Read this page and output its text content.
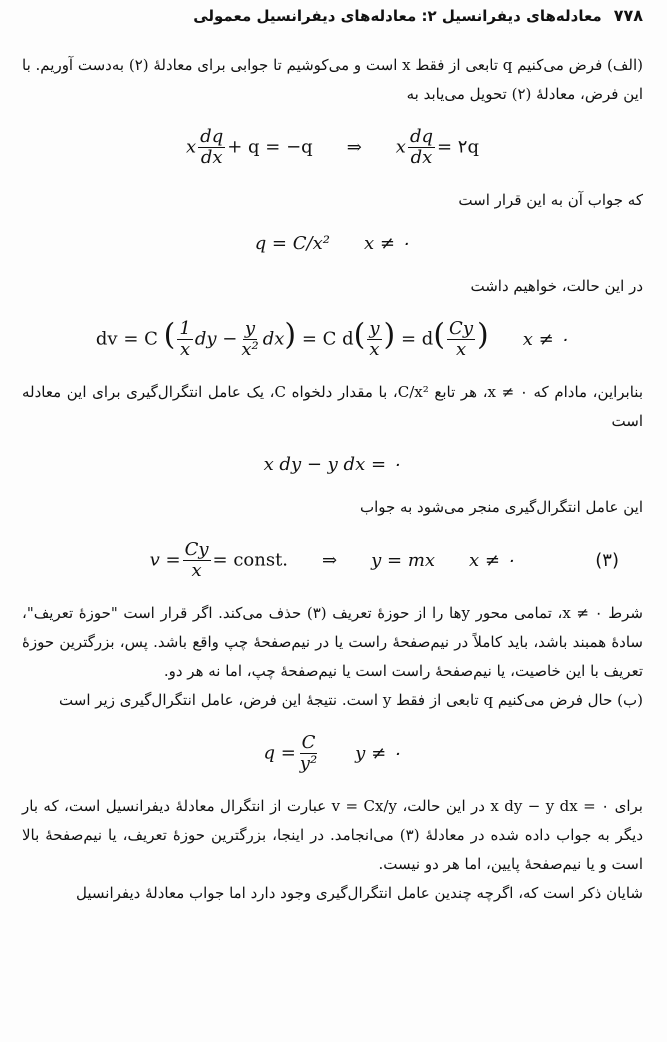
۷۷۸
معادله‌های دیفرانسیل ۲: معادله‌های دیفرانسیل معمولی

(الف) فرض می‌کنیم q تابعی از فقط x است و می‌کوشیم تا جوابی برای معادلهٔ (۲) به‌دست آوریم. با این فرض، معادلهٔ (۲) تحویل می‌یابد به

x $\frac{dq}{dx} + q = -q$ ⇒ x $\frac{dq}{dx}$ = ۲q

که جواب آن به این قرار است

q = C/x² x ≠ ۰

در این حالت، خواهیم داشت

dv = C ( $\frac{1}{x}$ dy − $\frac{y}{\text{x²}} dx) = C$ $d( \frac{y}{x}$ ) = $d( \frac{Cy}{x}$ ) x ≠ ۰

بنابراین، مادام که x ≠ ۰، هر تابع C/x²، با مقدار دلخواه C، یک عامل انتگرال‌گیری برای این معادله است

x dy − y dx = ۰

این عامل انتگرال‌گیری منجر می‌شود به جواب

$v = \frac{Cy}{x}$ = const. ⇒ y = mx x ≠ ۰	(۳)

شرط x ≠ ۰، تمامی محور yها را از حوزهٔ تعریف (۳) حذف می‌کند. اگر قرار است "حوزهٔ تعریف"، سادهٔ همبند باشد، باید کاملاً در نیم‌صفحهٔ راست یا در نیم‌صفحهٔ چپ واقع باشد. پس، بزرگترین حوزهٔ تعریف با این خاصیت، یا نیم‌صفحهٔ راست است یا نیم‌صفحهٔ چپ، اما نه هر دو.

(ب) حال فرض می‌کنیم q تابعی از فقط y است. نتیجهٔ این فرض، عامل انتگرال‌گیری زیر است

$q = \frac{C}{\text{y²}}$ y ≠ ۰

برای x dy − y dx = ۰ در این حالت، v = Cx/y عبارت از انتگرال معادلهٔ دیفرانسیل است، که بار دیگر به جواب داده شده در معادلهٔ (۳) می‌انجامد. در اینجا، بزرگترین حوزهٔ تعریف، یا نیم‌صفحهٔ بالا است و یا نیم‌صفحهٔ پایین، اما هر دو نیست.

شایان ذکر است که، اگرچه چندین عامل انتگرال‌گیری وجود دارد اما جواب معادلهٔ دیفرانسیل
